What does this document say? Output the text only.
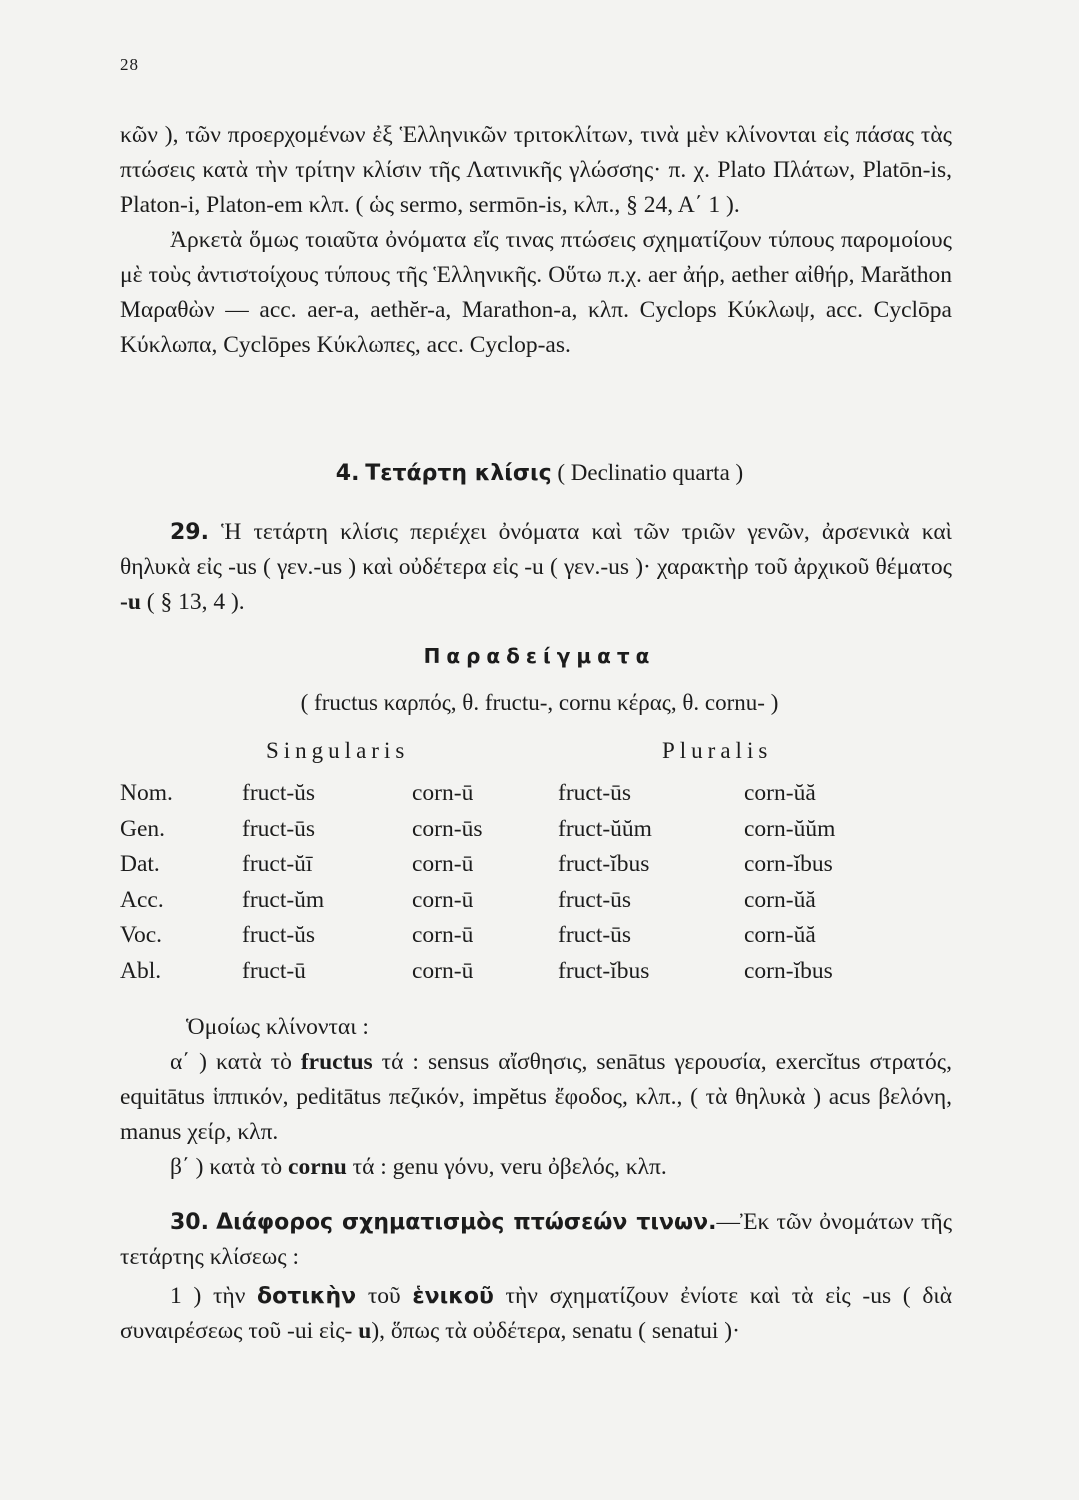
28

κῶν ), τῶν προερχομένων ἐξ Ἑλληνικῶν τριτοκλίτων, τινὰ μὲν κλίνονται εἰς πάσας τὰς πτώσεις κατὰ τὴν τρίτην κλίσιν τῆς Λατινικῆς γλώσσης· π. χ. Plato Πλάτων, Platōn-is, Platon-i, Platon-em κλπ. ( ὡς sermo, sermōn-is, κλπ., § 24, Α΄ 1 ).

Ἀρκετὰ ὅμως τοιαῦτα ὀνόματα εἴς τινας πτώσεις σχηματίζουν τύπους παρομοίους μὲ τοὺς ἀντιστοίχους τύπους τῆς Ἑλληνικῆς. Οὕτω π.χ. aer ἀήρ, aether αἰθήρ, Marăthon Μαραθὼν — acc. aer-a, aethĕr-a, Marathon-a, κλπ. Cyclops Κύκλωψ, acc. Cyclōpa Κύκλωπα, Cyclōpes Κύκλωπες, acc. Cyclop-as.

4. Τετάρτη κλίσις ( Declinatio quarta )

29. Ἡ τετάρτη κλίσις περιέχει ὀνόματα καὶ τῶν τριῶν γενῶν, ἀρσενικὰ καὶ θηλυκὰ εἰς -us ( γεν.-us ) καὶ οὐδέτερα εἰς -u ( γεν.-us )· χαρακτὴρ τοῦ ἀρχικοῦ θέματος -u ( § 13, 4 ).

Παραδείγματα
( fructus καρπός, θ. fructu-, cornu κέρας, θ. cornu- )
Singularis	Pluralis
Nom.	fruct-ŭs	corn-ū	fruct-ūs	corn-ŭă
Gen.	fruct-ūs	corn-ūs	fruct-ŭŭm	corn-ŭŭm
Dat.	fruct-ŭī	corn-ū	fruct-ĭbus	corn-ĭbus
Acc.	fruct-ŭm	corn-ū	fruct-ūs	corn-ŭă
Voc.	fruct-ŭs	corn-ū	fruct-ūs	corn-ŭă
Abl.	fruct-ū	corn-ū	fruct-ĭbus	corn-ĭbus

Ὁμοίως κλίνονται :

α΄ ) κατὰ τὸ fructus τά : sensus αἴσθησις, senātus γερουσία, exercĭtus στρατός, equitātus ἱππικόν, peditātus πεζικόν, impĕtus ἔφοδος, κλπ., ( τὰ θηλυκὰ ) acus βελόνη, manus χείρ, κλπ.

β΄ ) κατὰ τὸ cornu τά : genu γόνυ, veru ὀβελός, κλπ.

30. Διάφορος σχηματισμὸς πτώσεών τινων.—Ἐκ τῶν ὀνομάτων τῆς τετάρτης κλίσεως :

1 ) τὴν δοτικὴν τοῦ ἑνικοῦ τὴν σχηματίζουν ἐνίοτε καὶ τὰ εἰς -us ( διὰ συναιρέσεως τοῦ -ui εἰς- u), ὅπως τὰ οὐδέτερα, senatu ( senatui )·
